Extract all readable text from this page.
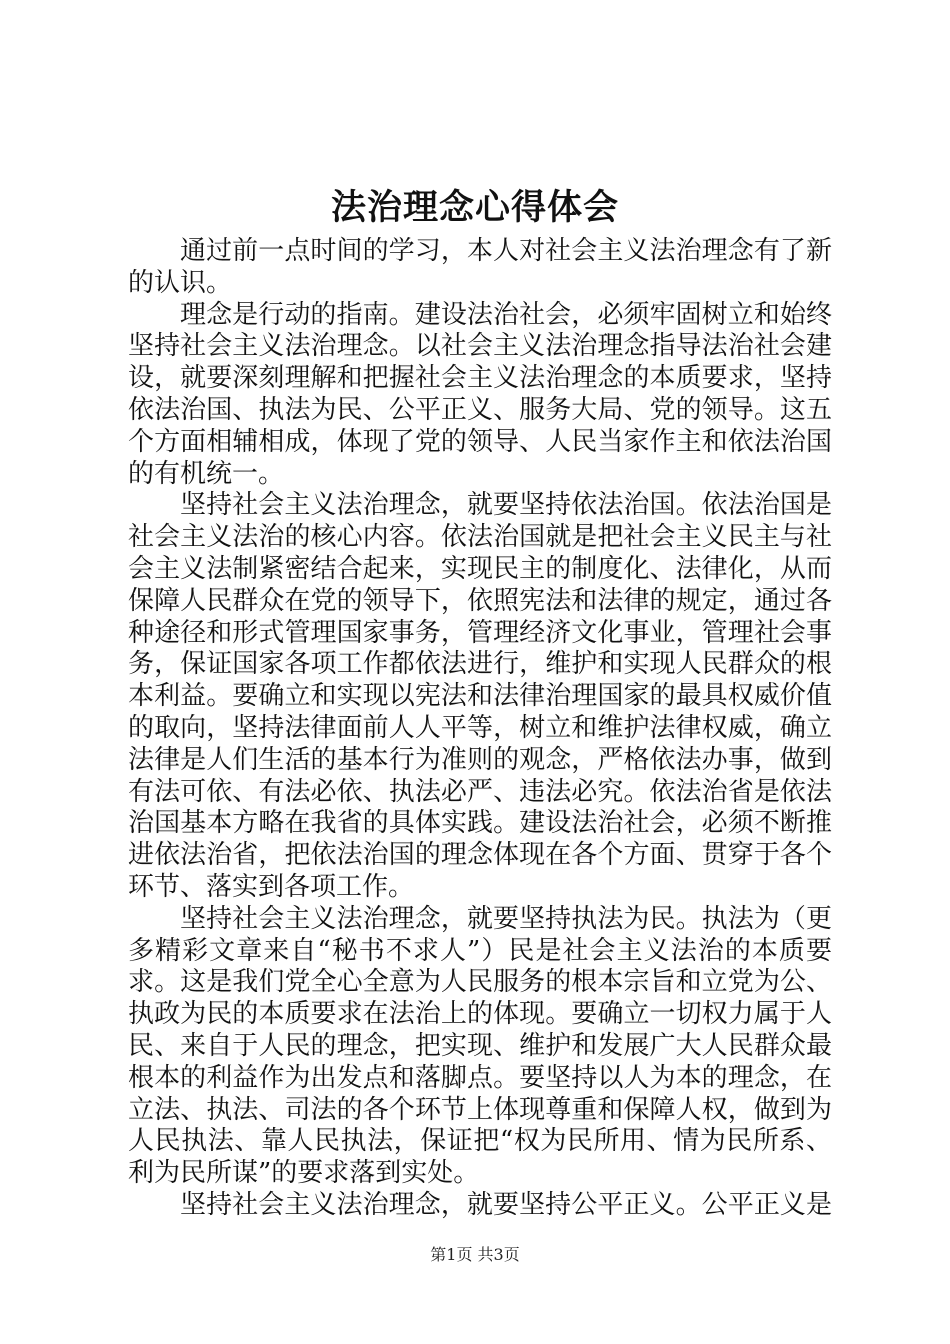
法治理念心得体会
通过前一点时间的学习，本人对社会主义法治理念有了新
的认识。
理念是行动的指南。建设法治社会，必须牢固树立和始终
坚持社会主义法治理念。以社会主义法治理念指导法治社会建
设，就要深刻理解和把握社会主义法治理念的本质要求，坚持
依法治国、执法为民、公平正义、服务大局、党的领导。这五
个方面相辅相成，体现了党的领导、人民当家作主和依法治国
的有机统一。
坚持社会主义法治理念，就要坚持依法治国。依法治国是
社会主义法治的核心内容。依法治国就是把社会主义民主与社
会主义法制紧密结合起来，实现民主的制度化、法律化，从而
保障人民群众在党的领导下，依照宪法和法律的规定，通过各
种途径和形式管理国家事务，管理经济文化事业，管理社会事
务，保证国家各项工作都依法进行，维护和实现人民群众的根
本利益。要确立和实现以宪法和法律治理国家的最具权威价值
的取向，坚持法律面前人人平等，树立和维护法律权威，确立
法律是人们生活的基本行为准则的观念，严格依法办事，做到
有法可依、有法必依、执法必严、违法必究。依法治省是依法
治国基本方略在我省的具体实践。建设法治社会，必须不断推
进依法治省，把依法治国的理念体现在各个方面、贯穿于各个
环节、落实到各项工作。
坚持社会主义法治理念，就要坚持执法为民。执法为（更
多精彩文章来自“秘书不求人”）民是社会主义法治的本质要
求。这是我们党全心全意为人民服务的根本宗旨和立党为公、
执政为民的本质要求在法治上的体现。要确立一切权力属于人
民、来自于人民的理念，把实现、维护和发展广大人民群众最
根本的利益作为出发点和落脚点。要坚持以人为本的理念，在
立法、执法、司法的各个环节上体现尊重和保障人权，做到为
人民执法、靠人民执法，保证把“权为民所用、情为民所系、
利为民所谋”的要求落到实处。
坚持社会主义法治理念，就要坚持公平正义。公平正义是
第1页 共3页
